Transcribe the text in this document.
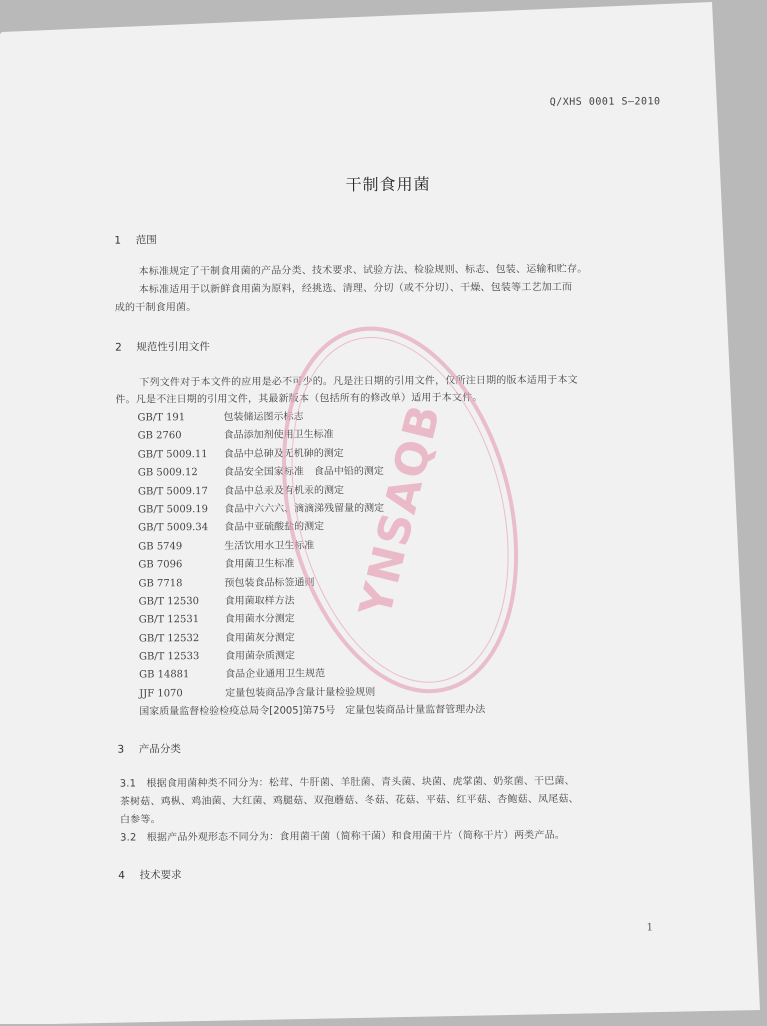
Q/XHS 0001 S—2010
干制食用菌
1 范围
本标准规定了干制食用菌的产品分类、技术要求、试验方法、检验规则、标志、包装、运输和贮存。
本标准适用于以新鲜食用菌为原料，经挑选、清理、分切（或不分切）、干燥、包装等工艺加工而
成的干制食用菌。
2 规范性引用文件
下列文件对于本文件的应用是必不可少的。凡是注日期的引用文件，仅所注日期的版本适用于本文
件。凡是不注日期的引用文件，其最新版本（包括所有的修改单）适用于本文件。
GB/T 191	包装储运图示标志
GB 2760	食品添加剂使用卫生标准
GB/T 5009.11 食品中总砷及无机砷的测定
GB 5009.12	食品安全国家标准　食品中铅的测定
GB/T 5009.17 食品中总汞及有机汞的测定
GB/T 5009.19 食品中六六六、滴滴涕残留量的测定
GB/T 5009.34 食品中亚硫酸盐的测定
GB 5749	生活饮用水卫生标准
GB 7096	食用菌卫生标准
GB 7718	预包装食品标签通则
GB/T 12530	食用菌取样方法
GB/T 12531	食用菌水分测定
GB/T 12532	食用菌灰分测定
GB/T 12533	食用菌杂质测定
GB 14881	食品企业通用卫生规范
JJF 1070	定量包装商品净含量计量检验规则
国家质量监督检验检疫总局令[2005]第75号　定量包装商品计量监督管理办法
3 产品分类
3.1　根据食用菌种类不同分为：松茸、牛肝菌、羊肚菌、青头菌、块菌、虎掌菌、奶浆菌、干巴菌、
茶树菇、鸡枞、鸡油菌、大红菌、鸡腿菇、双孢蘑菇、冬菇、花菇、平菇、红平菇、杏鲍菇、凤尾菇、
白参等。
3.2　根据产品外观形态不同分为：食用菌干菌（简称干菌）和食用菌干片（简称干片）两类产品。
4 技术要求
1
YNSAQB
